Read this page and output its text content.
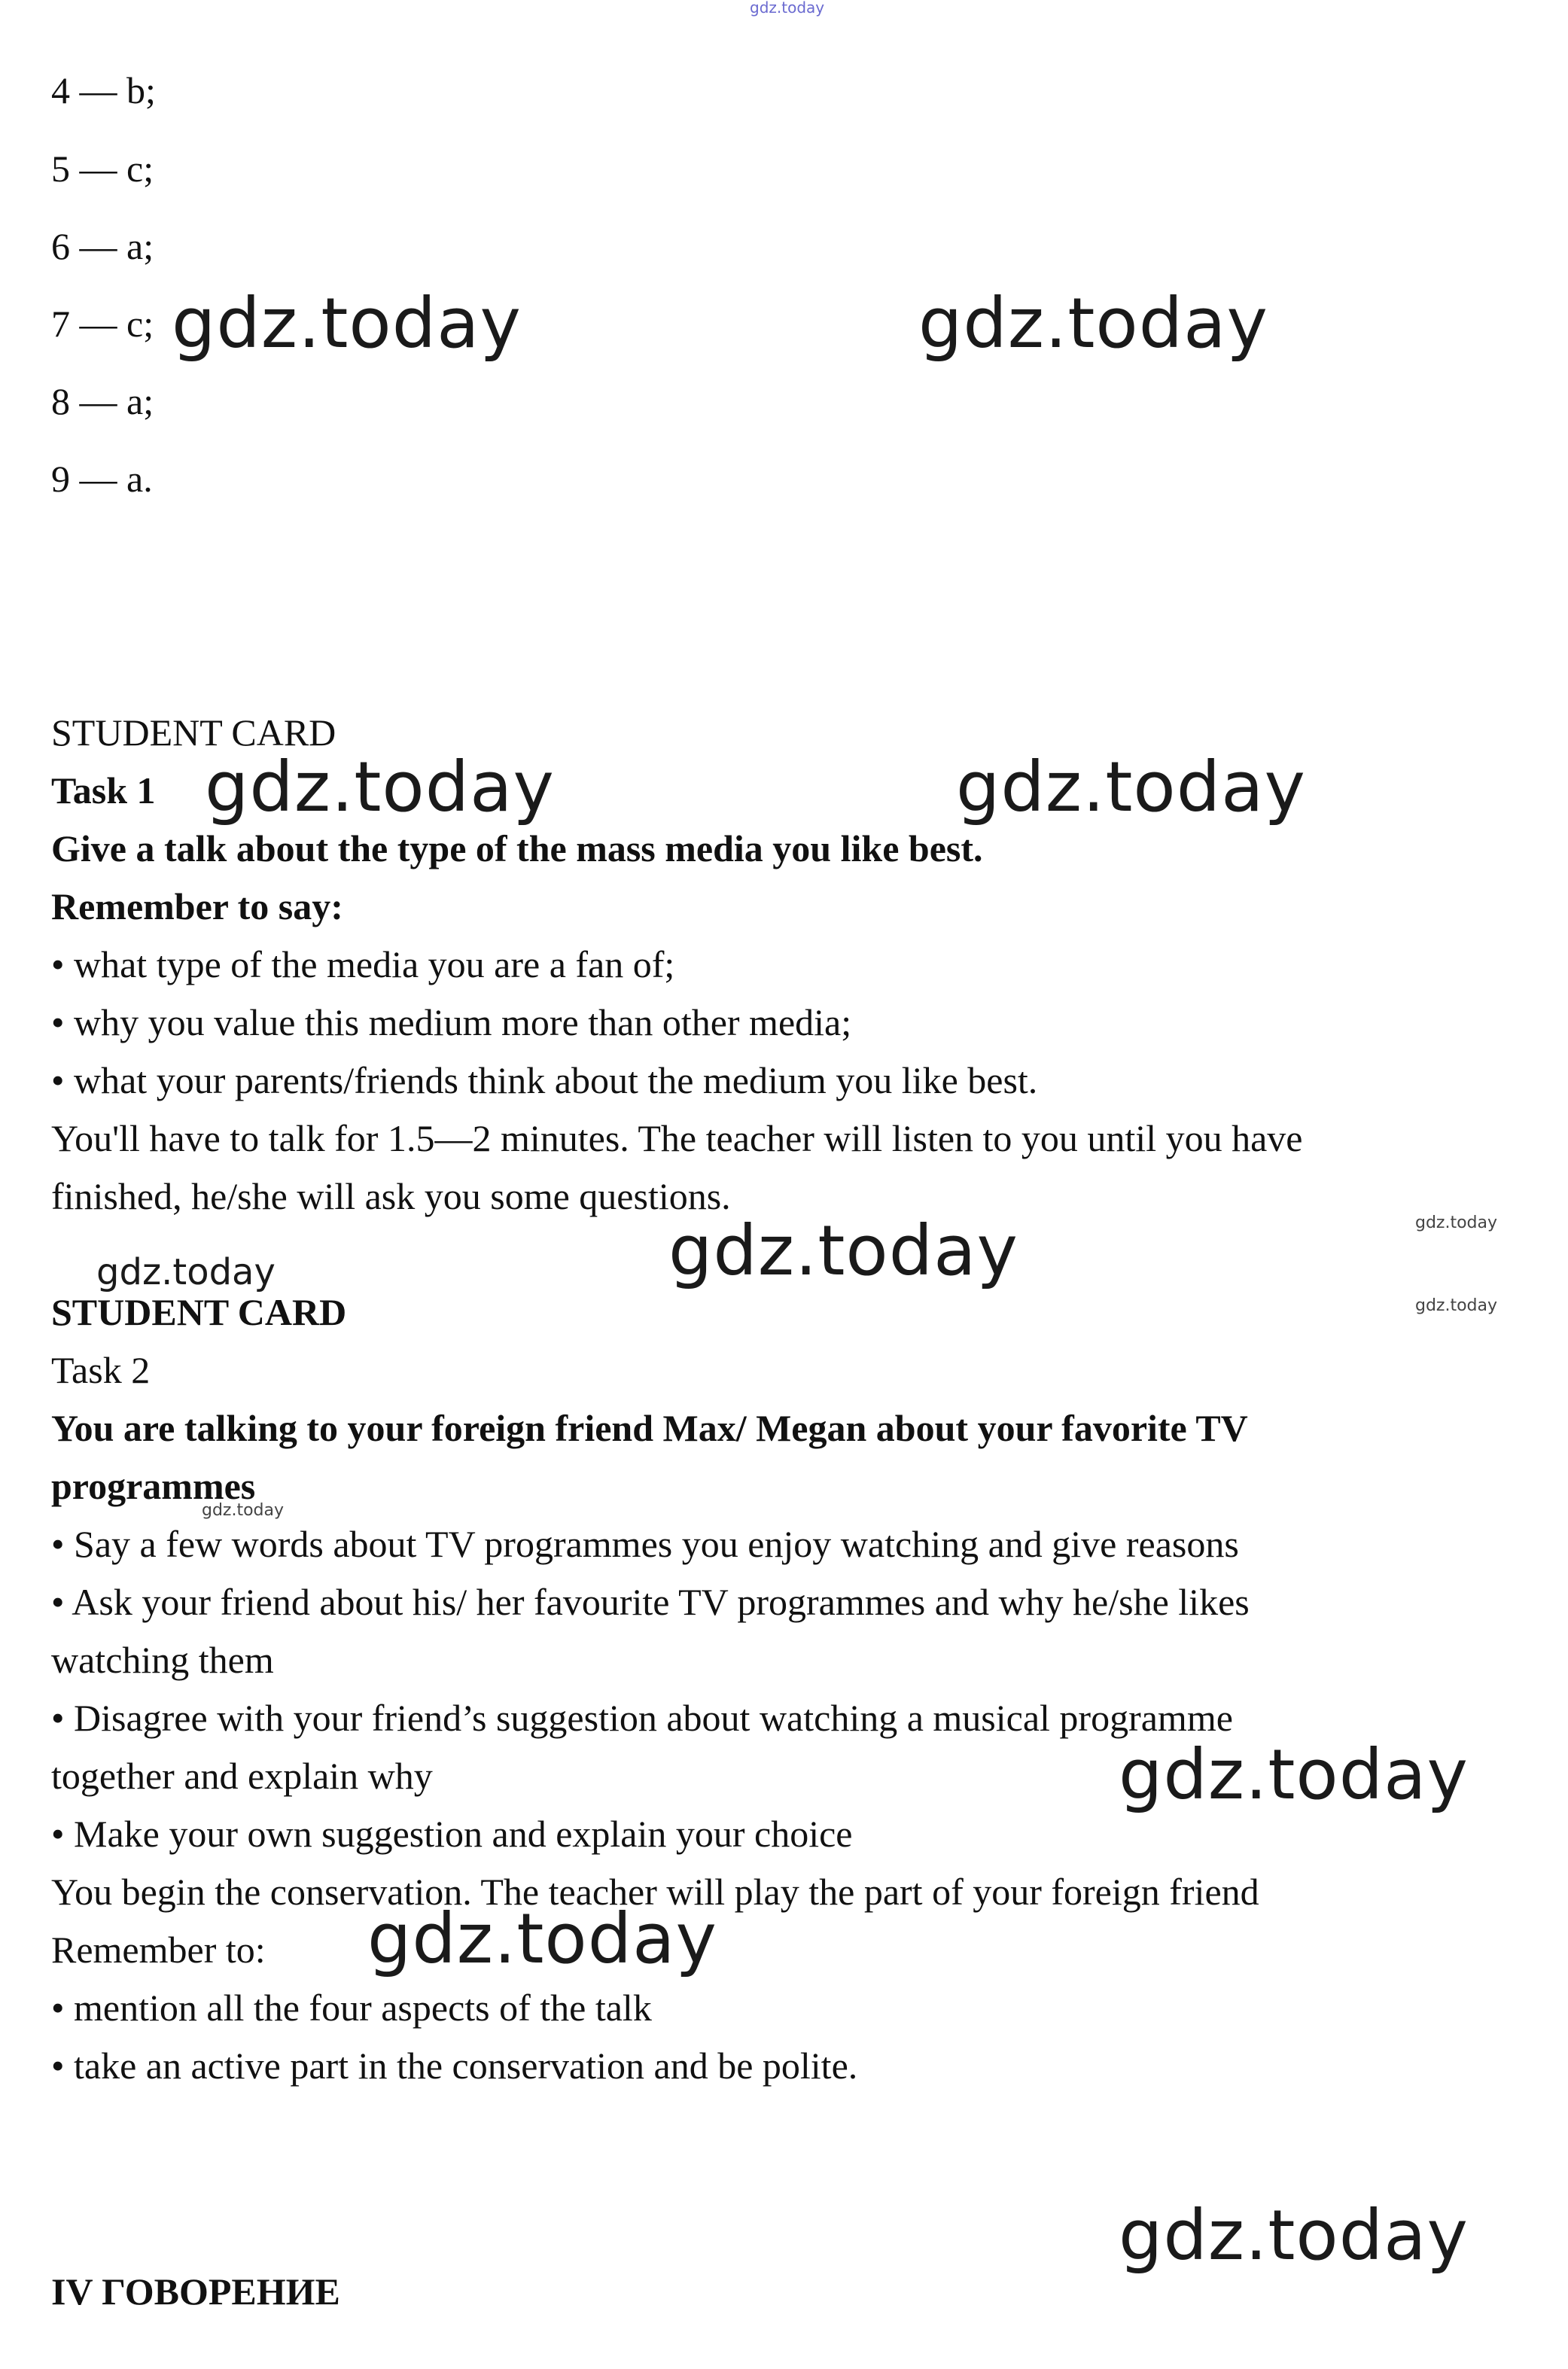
4 — b;
5 — c;
6 — a;
7 — c;
8 — a;
9 — a.
STUDENT CARD
Task 1
Give a talk about the type of the mass media you like best.
Remember to say:
• what type of the media you are a fan of;
• why you value this medium more than other media;
• what your parents/friends think about the medium you like best.
You'll have to talk for 1.5—2 minutes. The teacher will listen to you until you have
finished, he/she will ask you some questions.
STUDENT CARD
Task 2
You are talking to your foreign friend Max/ Megan about your favorite TV
programmes
• Say a few words about TV programmes you enjoy watching and give reasons
• Ask your friend about his/ her favourite TV programmes and why he/she likes
watching them
• Disagree with your friend’s suggestion about watching a musical programme
together and explain why
• Make your own suggestion and explain your choice
You begin the conservation. The teacher will play the part of your foreign friend
Remember to:
• mention all the four aspects of the talk
• take an active part in the conservation and be polite.
IV ГОВОРЕНИЕ
gdz.today
gdz.today	gdz.today
gdz.today	gdz.today
gdz.today
gdz.today	gdz.today
gdz.today
gdz.today
gdz.today
gdz.today
gdz.today
